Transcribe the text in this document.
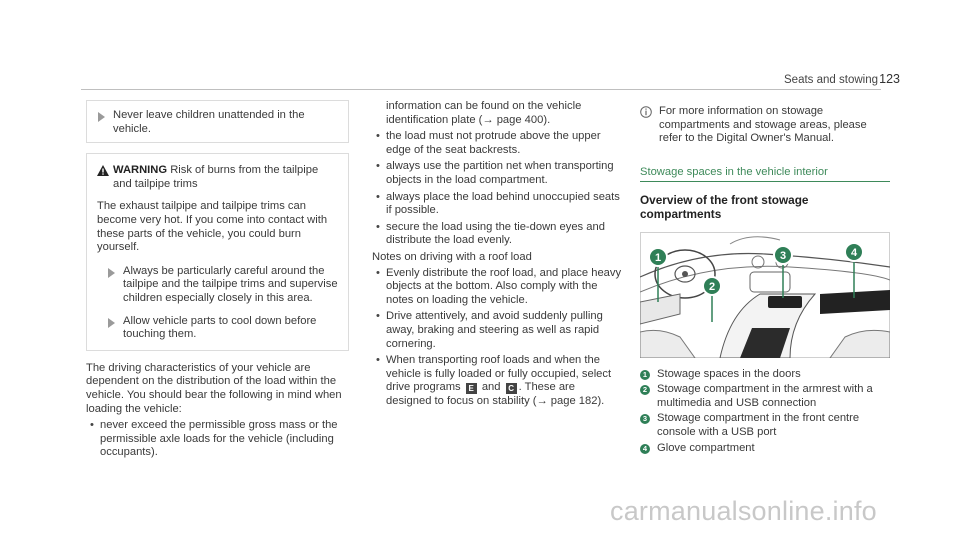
Seats and stowing 123
Never leave children unattended in the vehicle.
WARNING Risk of burns from the tailpipe and tailpipe trims
The exhaust tailpipe and tailpipe trims can become very hot. If you come into contact with these parts of the vehicle, you could burn yourself.
Always be particularly careful around the tailpipe and the tailpipe trims and supervise children especially closely in this area.
Allow vehicle parts to cool down before touching them.
The driving characteristics of your vehicle are dependent on the distribution of the load within the vehicle. You should bear the following in mind when loading the vehicle:
• never exceed the permissible gross mass or the permissible axle loads for the vehicle (including occupants).
information can be found on the vehicle identification plate (→ page 400).
• the load must not protrude above the upper edge of the seat backrests.
• always use the partition net when transporting objects in the load compartment.
• always place the load behind unoccupied seats if possible.
• secure the load using the tie-down eyes and distribute the load evenly.
Notes on driving with a roof load
• Evenly distribute the roof load, and place heavy objects at the bottom. Also comply with the notes on loading the vehicle.
• Drive attentively, and avoid suddenly pulling away, braking and steering as well as rapid cornering.
• When transporting roof loads and when the vehicle is fully loaded or fully occupied, select drive programs E and C . These are designed to focus on stability (→ page 182).
For more information on stowage compartments and stowage areas, please refer to the Digital Owner's Manual.
Stowage spaces in the vehicle interior
Overview of the front stowage compartments
1
2
3	4
1 Stowage spaces in the doors
2 Stowage compartment in the armrest with a multimedia and USB connection
3 Stowage compartment in the front centre console with a USB port
4 Glove compartment
carmanualsonline.info
